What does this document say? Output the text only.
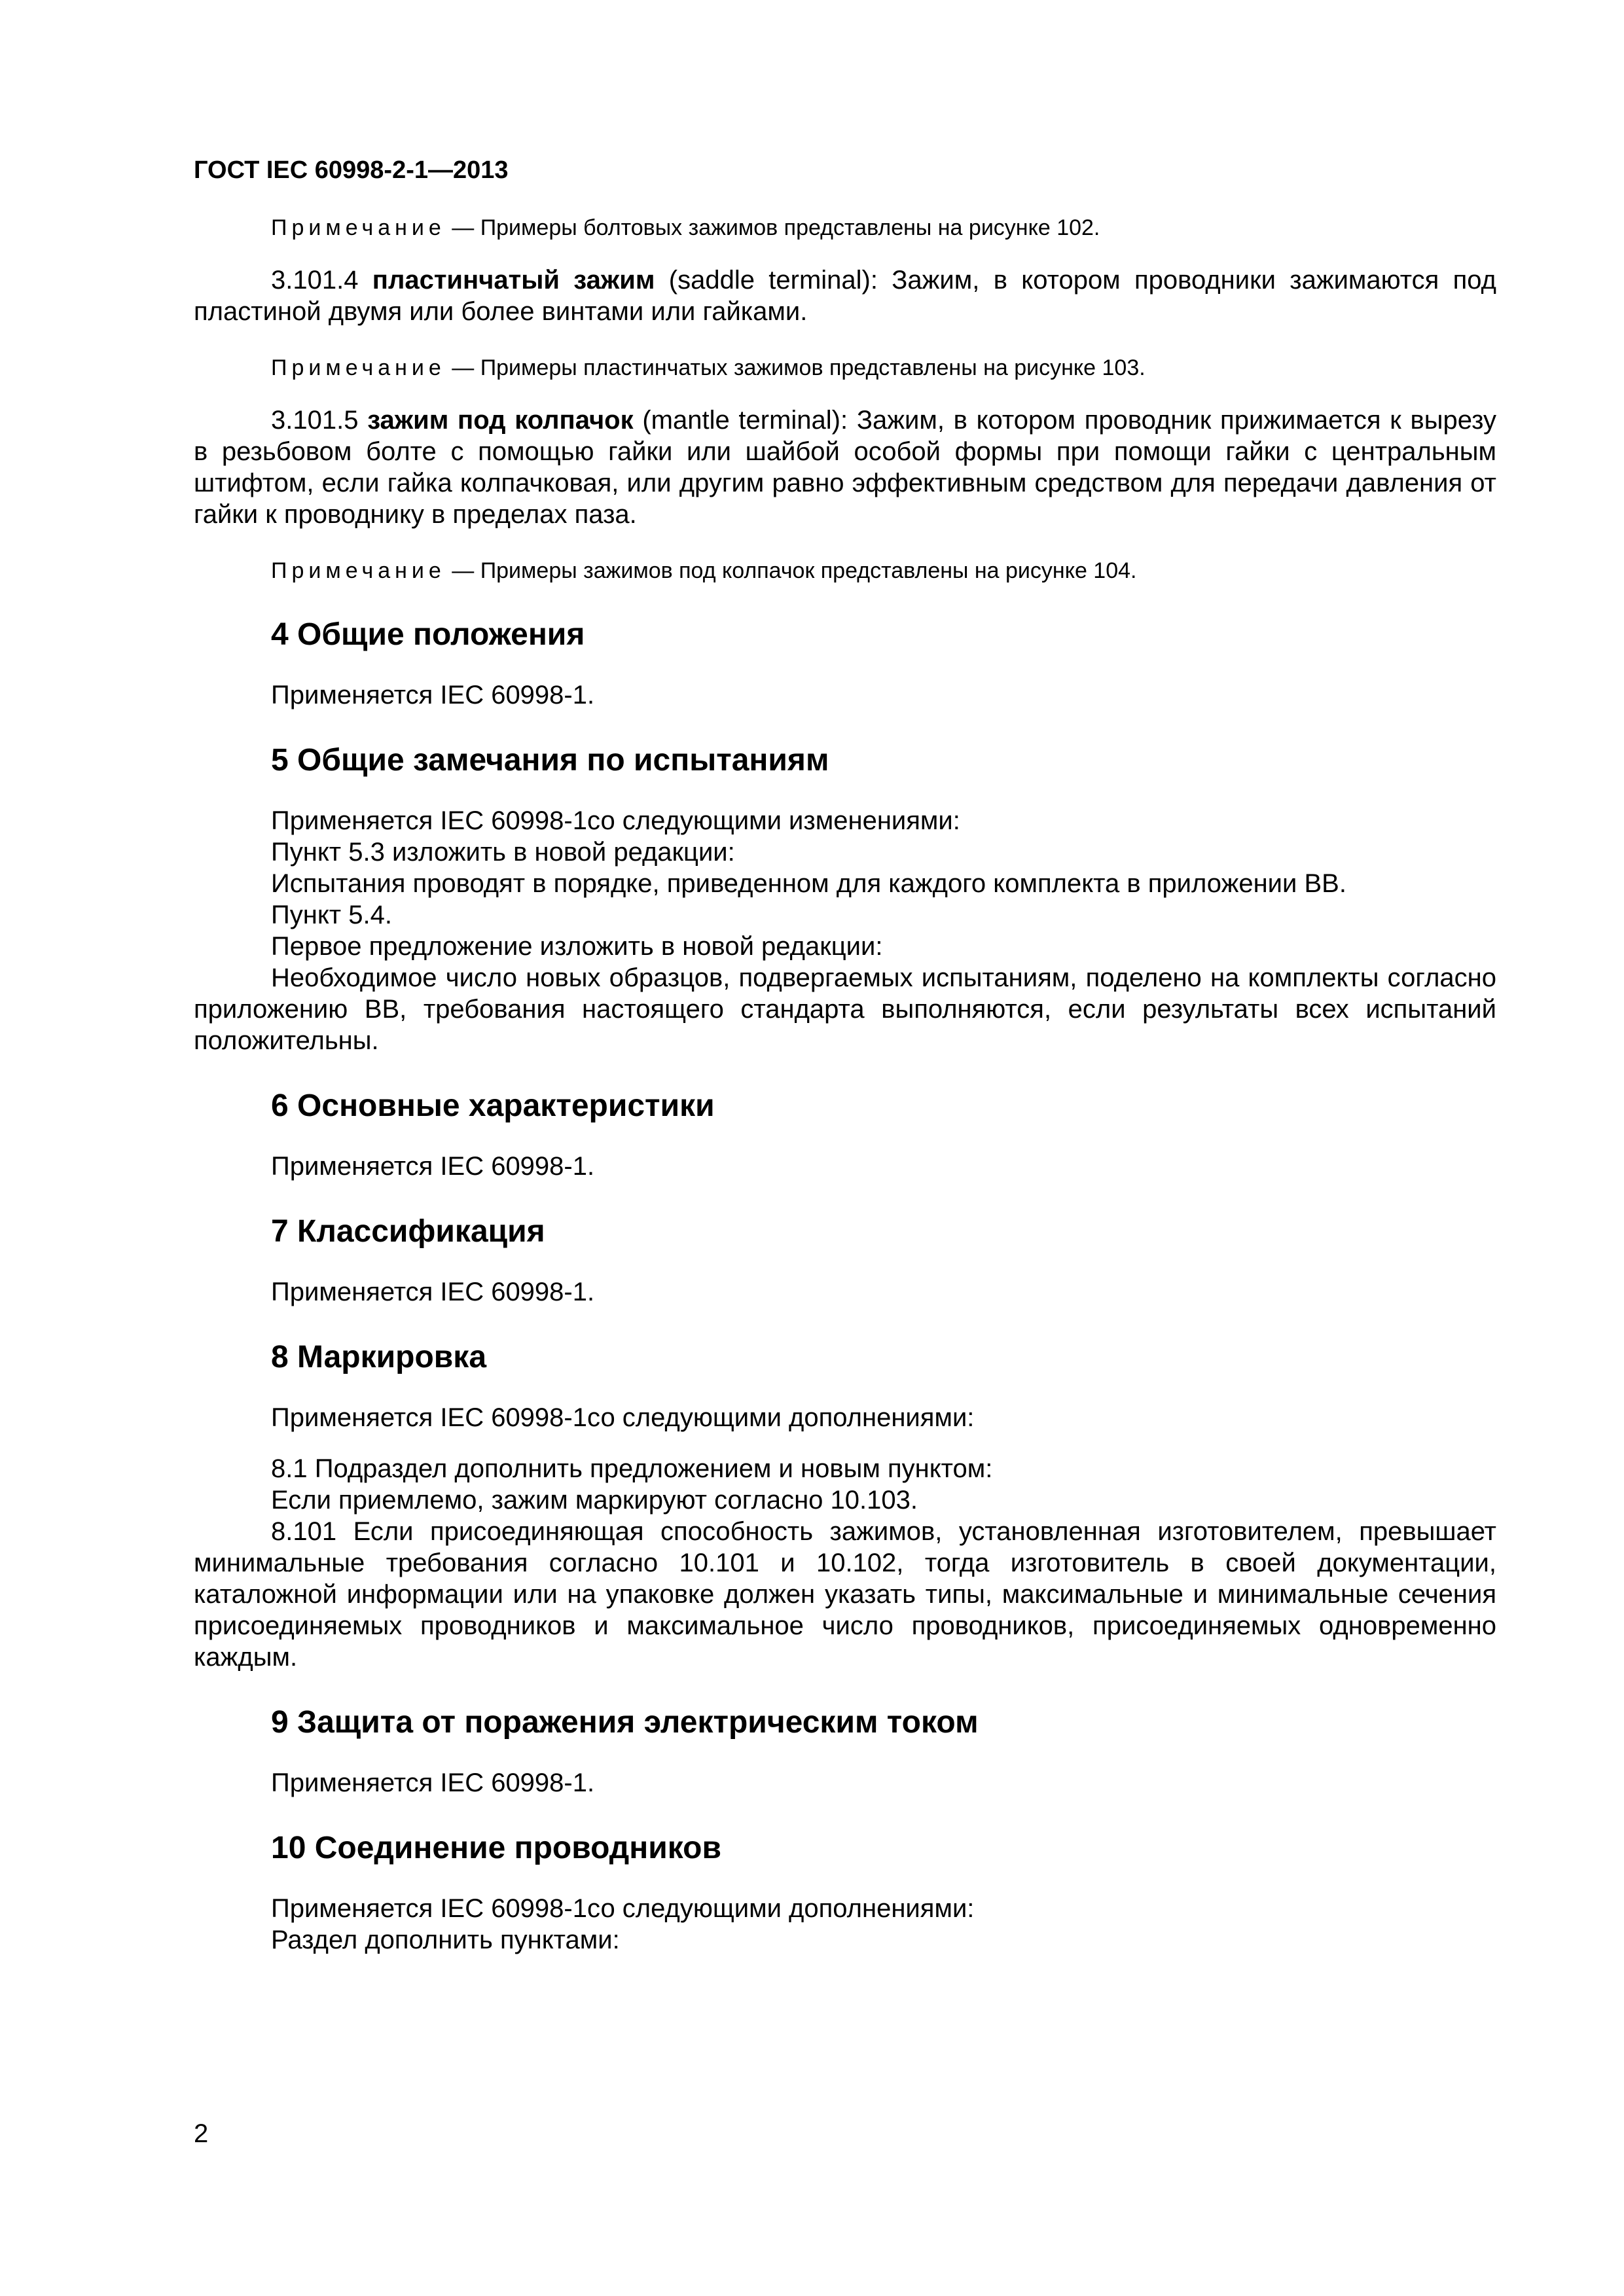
ГОСТ IEC 60998-2-1—2013

Примечание — Примеры болтовых зажимов представлены на рисунке 102.

3.101.4 пластинчатый зажим (saddle terminal): Зажим, в котором проводники зажимаются под пластиной двумя или более винтами или гайками.

Примечание — Примеры пластинчатых зажимов представлены на рисунке 103.

3.101.5 зажим под колпачок (mantle terminal): Зажим, в котором проводник прижимается к вырезу в резьбовом болте с помощью гайки или шайбой особой формы при помощи гайки с центральным штифтом, если гайка колпачковая, или другим равно эффективным средством для передачи давления от гайки к проводнику в пределах паза.

Примечание — Примеры зажимов под колпачок представлены на рисунке 104.

4 Общие положения

Применяется IEC 60998-1.

5 Общие замечания по испытаниям

Применяется IEC 60998-1со следующими изменениями:

Пункт 5.3 изложить в новой редакции:

Испытания проводят в порядке, приведенном для каждого комплекта в приложении BB.

Пункт 5.4.

Первое предложение изложить в новой редакции:

Необходимое число новых образцов, подвергаемых испытаниям, поделено на комплекты согласно приложению BB, требования настоящего стандарта выполняются, если результаты всех испытаний положительны.

6 Основные характеристики

Применяется IEC 60998-1.

7 Классификация

Применяется IEC 60998-1.

8 Маркировка

Применяется IEC 60998-1со следующими дополнениями:

8.1 Подраздел дополнить предложением и новым пунктом:

Если приемлемо, зажим маркируют согласно 10.103.

8.101 Если присоединяющая способность зажимов, установленная изготовителем, превышает минимальные требования согласно 10.101 и 10.102, тогда изготовитель в своей документации, каталожной информации или на упаковке должен указать типы, максимальные и минимальные сечения присоединяемых проводников и максимальное число проводников, присоединяемых одновременно каждым.

9 Защита от поражения электрическим током

Применяется IEC 60998-1.

10 Соединение проводников

Применяется IEC 60998-1со следующими дополнениями:

Раздел дополнить пунктами:

2
